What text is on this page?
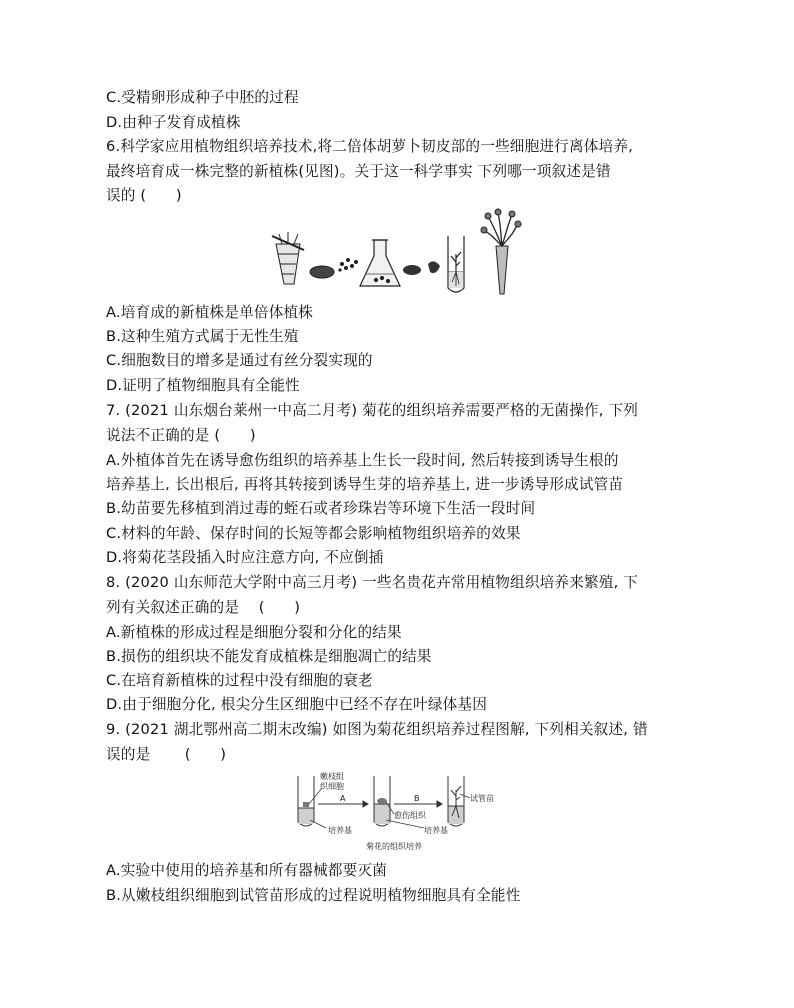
C.受精卵形成种子中胚的过程
D.由种子发育成植株
6.科学家应用植物组织培养技术,将二倍体胡萝卜韧皮部的一些细胞进行离体培养,
最终培育成一株完整的新植株(见图)。关于这一科学事实 下列哪一项叙述是错
误的 (　　)
A.培育成的新植株是单倍体植株
B.这种生殖方式属于无性生殖
C.细胞数目的增多是通过有丝分裂实现的
D.证明了植物细胞具有全能性
7. (2021 山东烟台莱州一中高二月考) 菊花的组织培养需要严格的无菌操作, 下列
说法不正确的是 (　　)
A.外植体首先在诱导愈伤组织的培养基上生长一段时间, 然后转接到诱导生根的
培养基上, 长出根后, 再将其转接到诱导生芽的培养基上, 进一步诱导形成试管苗
B.幼苗要先移植到消过毒的蛭石或者珍珠岩等环境下生活一段时间
C.材料的年龄、保存时间的长短等都会影响植物组织培养的效果
D.将菊花茎段插入时应注意方向, 不应倒插
8. (2020 山东师范大学附中高三月考) 一些名贵花卉常用植物组织培养来繁殖, 下
列有关叙述正确的是 　(　　)
A.新植株的形成过程是细胞分裂和分化的结果
B.损伤的组织块不能发育成植株是细胞凋亡的结果
C.在培育新植株的过程中没有细胞的衰老
D.由于细胞分化, 根尖分生区细胞中已经不存在叶绿体基因
9. (2021 湖北鄂州高二期末改编) 如图为菊花组织培养过程图解, 下列相关叙述, 错
误的是 　　(　　)
嫩枝组
织细胞
A	B
培养基
愈伤组织
培养基
试管苗
菊花的组织培养
A.实验中使用的培养基和所有器械都要灭菌
B.从嫩枝组织细胞到试管苗形成的过程说明植物细胞具有全能性
